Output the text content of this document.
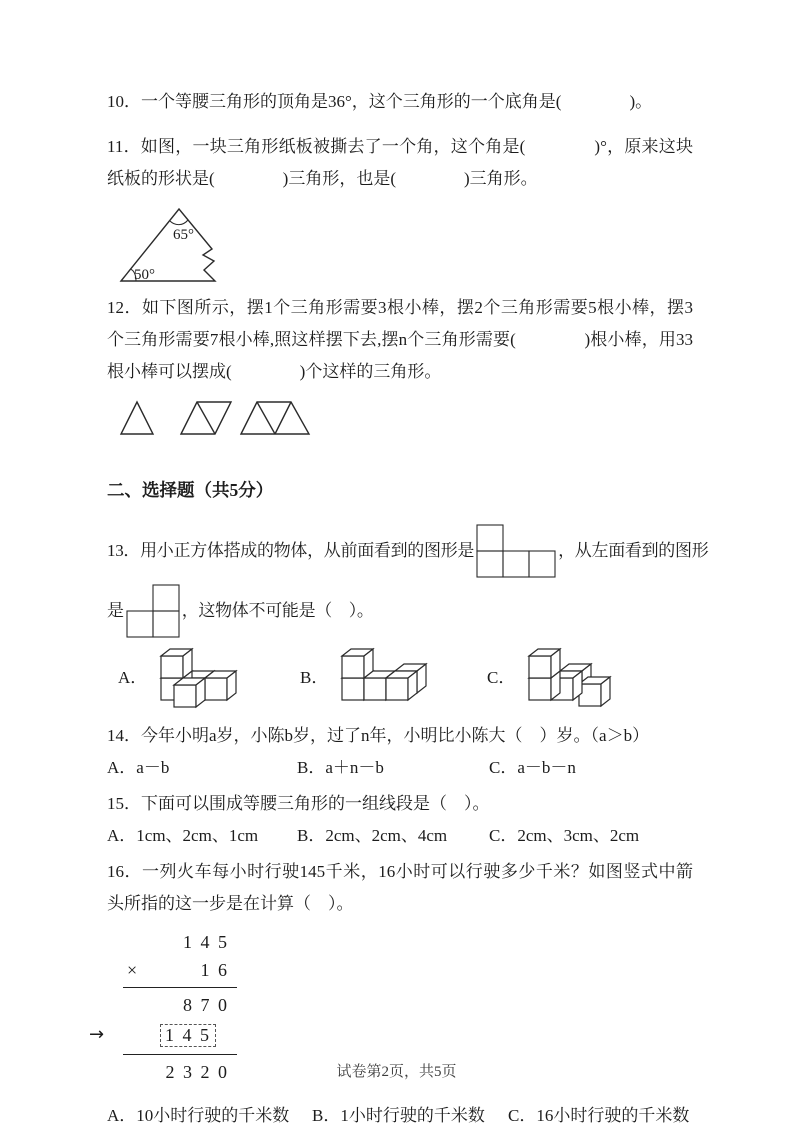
10．一个等腰三角形的顶角是36°，这个三角形的一个底角是(　　　　)。

11．如图，一块三角形纸板被撕去了一个角，这个角是(　　　　)°，原来这块纸板的形状是(　　　　)三角形，也是(　　　　)三角形。

65°
50°

12．如下图所示，摆1个三角形需要3根小棒，摆2个三角形需要5根小棒，摆3个三角形需要7根小棒,照这样摆下去,摆n个三角形需要(　　　　)根小棒，用33根小棒可以摆成(　　　　)个这样的三角形。

二、选择题（共5分）

13．用小正方体搭成的物体，从前面看到的图形是	，从左面看到的图形
是	，这物体不可能是（　）。
A．	B．	C．

14．今年小明a岁，小陈b岁，过了n年，小明比小陈大（　）岁。（a＞b）

A．a－b	B．a＋n－b	C．a－b－n

15．下面可以围成等腰三角形的一组线段是（　）。

A．1cm、2cm、1cm	B．2cm、2cm、4cm	C．2cm、3cm、2cm

16．一列火车每小时行驶145千米，16小时可以行驶多少千米？如图竖式中箭头所指的这一步是在计算（　）。

1 4 5
×	1 6
8 7 0
→	1 4 5
2 3 2 0
A．10小时行驶的千米数	B．1小时行驶的千米数	C．16小时行驶的千米数
试卷第2页，共5页
